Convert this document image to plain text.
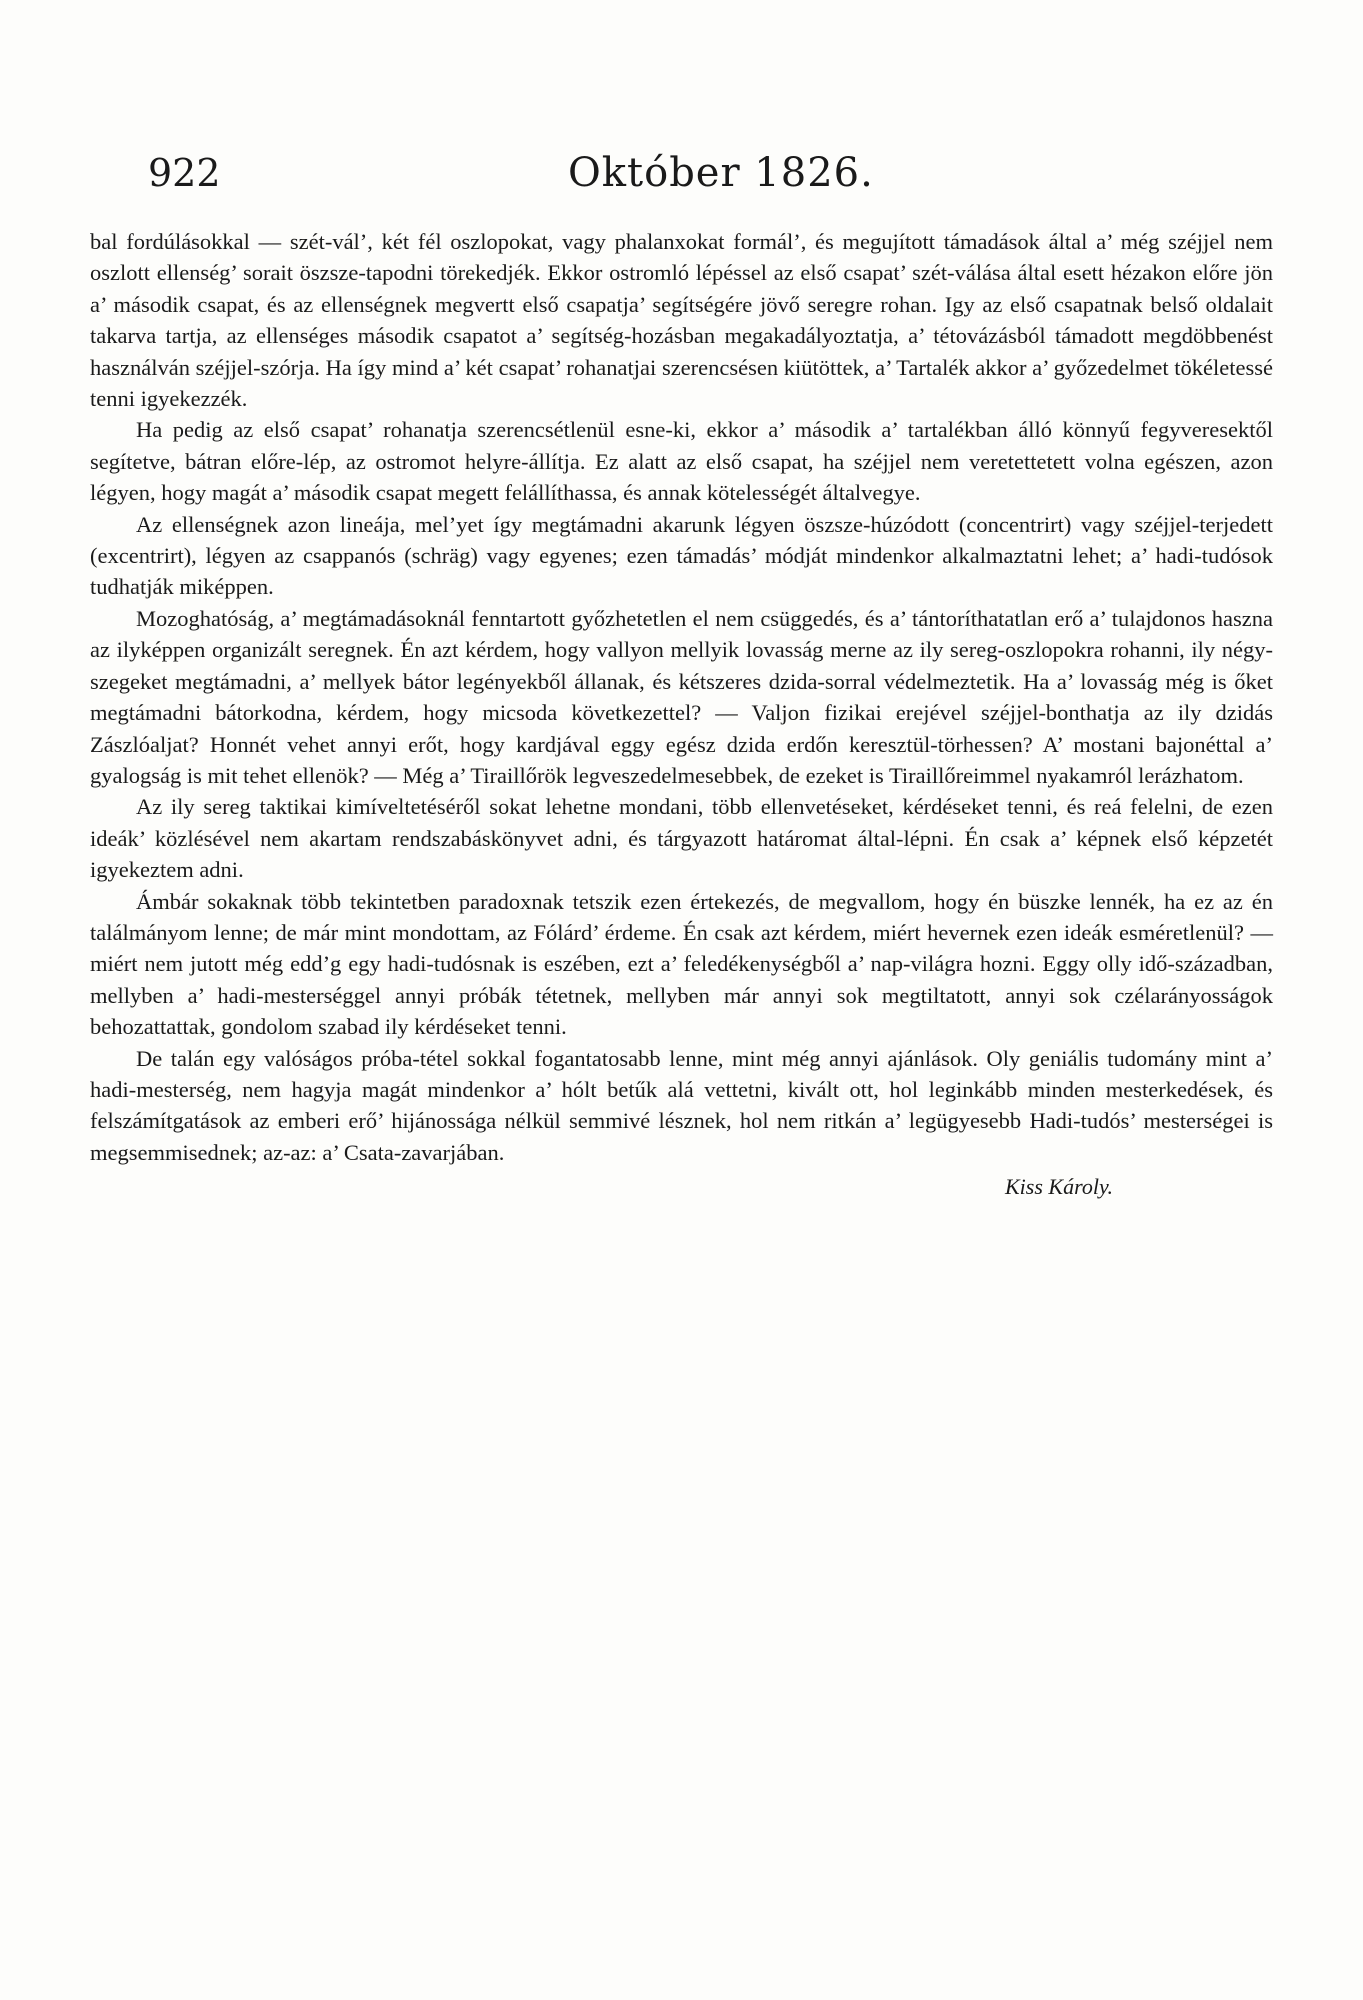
922	Október 1826.

bal fordúlásokkal — szét-vál’, két fél oszlopokat, vagy phalanxokat formál’, és megujított támadások által a’ még széjjel nem oszlott ellenség’ sorait öszsze-tapodni törekedjék. Ekkor ostromló lépéssel az első csapat’ szét-válása által esett hézakon előre jön a’ második csapat, és az ellenségnek megvertt első csapatja’ segítségére jövő seregre rohan. Igy az első csapatnak belső oldalait takarva tartja, az ellenséges második csapatot a’ segítség-hozásban megakadályoztatja, a’ tétovázásból támadott megdöbbenést használván széjjel-szórja. Ha így mind a’ két csapat’ rohanatjai szerencsésen kiütöttek, a’ Tartalék akkor a’ győzedelmet tökéletessé tenni igyekezzék.

Ha pedig az első csapat’ rohanatja szerencsétlenül esne-ki, ekkor a’ második a’ tartalékban álló könnyű fegyveresektől segítetve, bátran előre-lép, az ostromot helyre-állítja. Ez alatt az első csapat, ha széjjel nem veretettetett volna egészen, azon légyen, hogy magát a’ második csapat megett felállíthassa, és annak kötelességét általvegye.

Az ellenségnek azon lineája, mel’yet így megtámadni akarunk légyen öszsze-húzódott (concentrirt) vagy széjjel-terjedett (excentrirt), légyen az csappanós (schräg) vagy egyenes; ezen támadás’ módját mindenkor alkalmaztatni lehet; a’ hadi-tudósok tudhatják miképpen.

Mozoghatóság, a’ megtámadásoknál fenntartott győzhetetlen el nem csüggedés, és a’ tántoríthatatlan erő a’ tulajdonos haszna az ilyképpen organizált seregnek. Én azt kérdem, hogy vallyon mellyik lovasság merne az ily sereg-oszlopokra rohanni, ily négy-szegeket megtámadni, a’ mellyek bátor legényekből állanak, és kétszeres dzida-sorral védelmeztetik. Ha a’ lovasság még is őket megtámadni bátorkodna, kérdem, hogy micsoda következettel? — Valjon fizikai erejével széjjel-bonthatja az ily dzidás Zászlóaljat? Honnét vehet annyi erőt, hogy kardjával eggy egész dzida erdőn keresztül-törhessen? A’ mostani bajonéttal a’ gyalogság is mit tehet ellenök? — Még a’ Tiraillőrök legveszedelmesebbek, de ezeket is Tiraillőreimmel nyakamról lerázhatom.

Az ily sereg taktikai kimíveltetéséről sokat lehetne mondani, több ellenvetéseket, kérdéseket tenni, és reá felelni, de ezen ideák’ közlésével nem akartam rendszabáskönyvet adni, és tárgyazott határomat által-lépni. Én csak a’ képnek első képzetét igyekeztem adni.

Ámbár sokaknak több tekintetben paradoxnak tetszik ezen értekezés, de megvallom, hogy én büszke lennék, ha ez az én találmányom lenne; de már mint mondottam, az Fólárd’ érdeme. Én csak azt kérdem, miért hevernek ezen ideák esméretlenül? — miért nem jutott még edd’g egy hadi-tudósnak is eszében, ezt a’ feledékenységből a’ nap-világra hozni. Eggy olly idő-században, mellyben a’ hadi-mesterséggel annyi próbák tétetnek, mellyben már annyi sok megtiltatott, annyi sok czélarányosságok behozattattak, gondolom szabad ily kérdéseket tenni.

De talán egy valóságos próba-tétel sokkal fogantatosabb lenne, mint még annyi ajánlások. Oly geniális tudomány mint a’ hadi-mesterség, nem hagyja magát mindenkor a’ hólt betűk alá vettetni, kivált ott, hol leginkább minden mesterkedések, és felszámítgatások az emberi erő’ hijánossága nélkül semmivé lésznek, hol nem ritkán a’ legügyesebb Hadi-tudós’ mesterségei is megsemmisednek; az-az: a’ Csata-zavarjában.

Kiss Károly.
